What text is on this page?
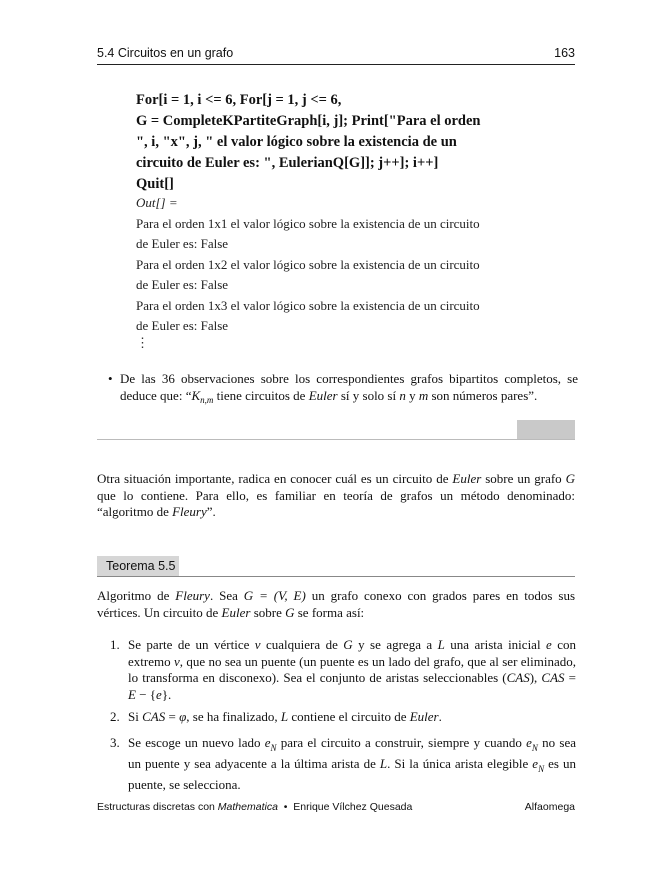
5.4 Circuitos en un grafo	163
For[i = 1, i <= 6, For[j = 1, j <= 6,
G = CompleteKPartiteGraph[i, j]; Print["Para el orden
", i, "x", j, " el valor lógico sobre la existencia de un
circuito de Euler es: ", EulerianQ[G]]; j++]; i++]
Quit[]
Out[] =
Para el orden 1x1 el valor lógico sobre la existencia de un circuito
de Euler es: False
Para el orden 1x2 el valor lógico sobre la existencia de un circuito
de Euler es: False
Para el orden 1x3 el valor lógico sobre la existencia de un circuito
de Euler es: False
⋮
• De las 36 observaciones sobre los correspondientes grafos bipartitos completos, se deduce que: “$K_{n,m}$ tiene circuitos de Euler sí y solo sí n y m son números pares”.
Otra situación importante, radica en conocer cuál es un circuito de Euler sobre un grafo G que lo contiene. Para ello, es familiar en teoría de grafos un método denominado: “algoritmo de Fleury”.
Teorema 5.5
Algoritmo de Fleury. Sea G = (V, E) un grafo conexo con grados pares en todos sus vértices. Un circuito de Euler sobre G se forma así:
1. Se parte de un vértice v cualquiera de G y se agrega a L una arista inicial e con extremo v, que no sea un puente (un puente es un lado del grafo, que al ser eliminado, lo transforma en disconexo). Sea el conjunto de aristas seleccionables (CAS), CAS = E − {e}.
2. Si CAS = φ, se ha finalizado, L contiene el circuito de Euler.
3. Se escoge un nuevo lado $e_N$ para el circuito a construir, siempre y cuando $e_N$ no sea un puente y sea adyacente a la última arista de L. Si la única arista elegible $e_N$ es un puente, se selecciona.
Estructuras discretas con Mathematica  •  Enrique Vílchez Quesada	Alfaomega
